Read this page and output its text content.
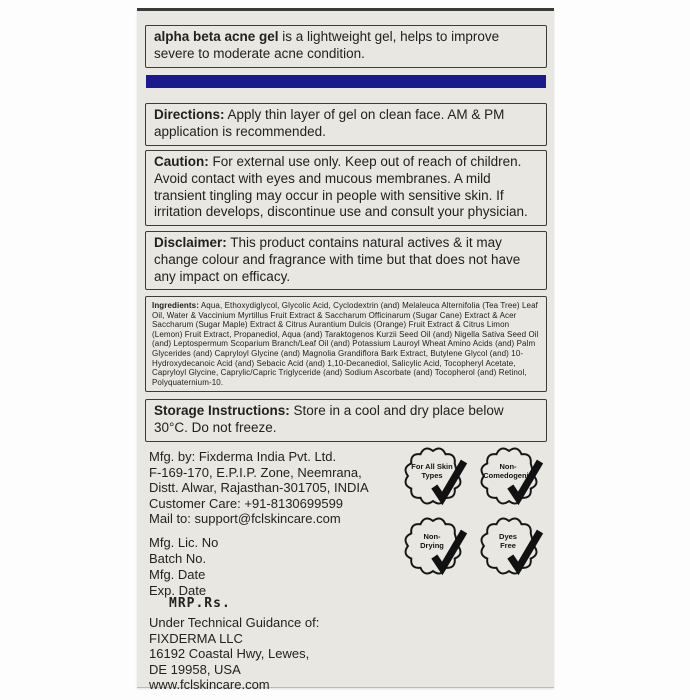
alpha beta acne gel is a lightweight gel, helps to improve severe to moderate acne condition.
Directions: Apply thin layer of gel on clean face. AM & PM application is recommended.
Caution: For external use only. Keep out of reach of children. Avoid contact with eyes and mucous membranes. A mild transient tingling may occur in people with sensitive skin. If irritation develops, discontinue use and consult your physician.
Disclaimer: This product contains natural actives & it may change colour and fragrance with time but that does not have any impact on efficacy.
Ingredients: Aqua, Ethoxydiglycol, Glycolic Acid, Cyclodextrin (and) Melaleuca Alternifolia (Tea Tree) Leaf Oil, Water & Vaccinium Myrtillus Fruit Extract & Saccharum Officinarum (Sugar Cane) Extract & Acer Saccharum (Sugar Maple) Extract & Citrus Aurantium Dulcis (Orange) Fruit Extract & Citrus Limon (Lemon) Fruit Extract, Propanediol, Aqua (and) Taraktogenos Kurzii Seed Oil (and) Nigella Sativa Seed Oil (and) Leptospermum Scoparium Branch/Leaf Oil (and) Potassium Lauroyl Wheat Amino Acids (and) Palm Glycerides (and) Capryloyl Glycine (and) Magnolia Grandiflora Bark Extract, Butylene Glycol (and) 10-Hydroxydecanoic Acid (and) Sebacic Acid (and) 1,10-Decanediol, Salicylic Acid, Tocopheryl Acetate, Capryloyl Glycine, Caprylic/Capric Triglyceride (and) Sodium Ascorbate (and) Tocopherol (and) Retinol, Polyquaternium-10.
Storage Instructions: Store in a cool and dry place below 30°C. Do not freeze.
Mfg. by: Fixderma India Pvt. Ltd.
F-169-170, E.P.I.P. Zone, Neemrana,
Distt. Alwar, Rajasthan-301705, INDIA
Customer Care: +91-8130699599
Mail to: support@fclskincare.com
For All Skin
Types
Non-
Comedogenic
Non-
Drying
Dyes
Free
Mfg. Lic. No
Batch No.
Mfg. Date
Exp. Date
MRP.Rs.
Under Technical Guidance of:
FIXDERMA LLC
16192 Coastal Hwy, Lewes,
DE 19958, USA
www.fclskincare.com
